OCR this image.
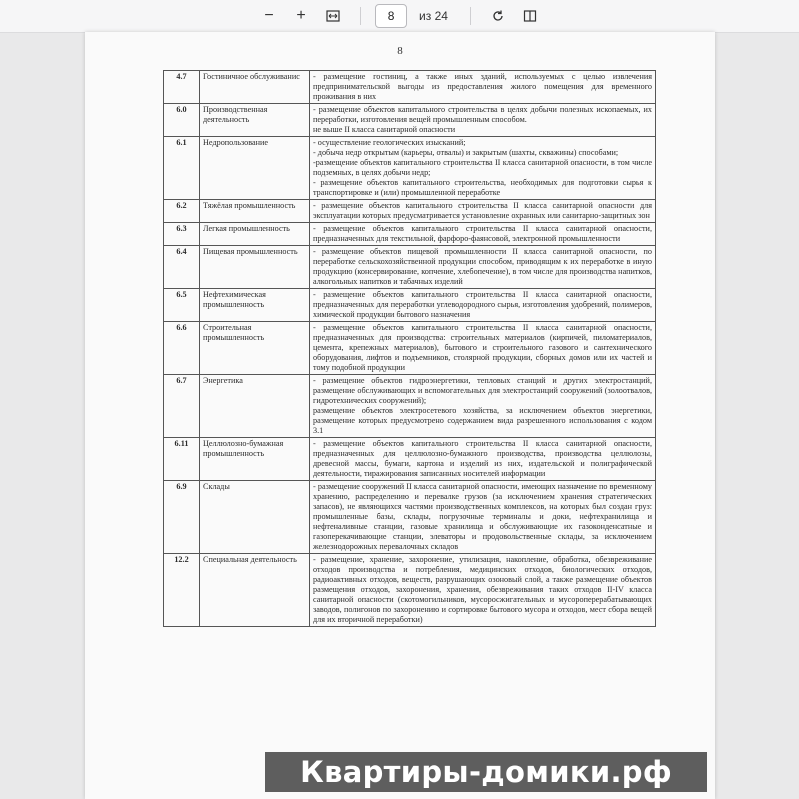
−	+
8	из 24
8
4.7	Гостиничное обслуживанис	- размещение гостиниц, а также иных зданий, используемых с целью извлечения предпринимательской выгоды из предоставления жилого помещения для временного проживания в них

6.0	Производственная деятельность	- размещение объектов капитального строительства в целях добычи полезных ископаемых, их переработки, изготовления вещей промышленным способом.
не выше II класса санитарной опасности

6.1	Недропользование	- осуществление геологических изысканий;
- добыча недр открытым (карьеры, отвалы) и закрытым (шахты, скважины) способами;
-размещение объектов капитального строительства II класса санитарной опасности, в том числе подземных, в целях добычи недр;
- размещение объектов капитального строительства, необходимых для подготовки сырья к транспортировке и (или) промышленной переработке

6.2	Тяжёлая промышленность	- размещение объектов капитального строительства II класса санитарной опасности для эксплуатации которых предусматривается установление охранных или санитарно-защитных зон

6.3	Легкая промышленность	- размещение объектов капитального строительства II класса санитарной опасности, предназначенных для текстильной, фарфоро-фаянсовой, электронной промышленности

6.4	Пищевая промышленность	- размещение объектов пищевой промышленности II класса санитарной опасности, по переработке сельскохозяйственной продукции способом, приводящим к их переработке в иную продукцию (консервирование, копчение, хлебопечение), в том числе для производства напитков, алкогольных напитков и табачных изделий

6.5	Нефтехимическая промышленность	- размещение объектов капитального строительства II класса санитарной опасности, предназначенных для переработки углеводородного сырья, изготовления удобрений, полимеров, химической продукции бытового назначения

6.6	Строительная промышленность	- размещение объектов капитального строительства II класса санитарной опасности, предназначенных для производства: строительных материалов (кирпичей, пиломатериалов, цемента, крепежных материалов), бытового и строительного газового и сантехнического оборудования, лифтов и подъемников, столярной продукции, сборных домов или их частей и тому подобной продукции

6.7	Энергетика	- размещение объектов гидроэнергетики, тепловых станций и других электростанций, размещение обслуживающих и вспомогательных для электростанций сооружений (золоотвалов, гидротехнических сооружений);
размещение объектов электросетевого хозяйства, за исключением объектов энергетики, размещение которых предусмотрено содержанием вида разрешенного использования с кодом 3.1

6.11	Целлюлозно-бумажная промышленность	- размещение объектов капитального строительства II класса санитарной опасности, предназначенных для целлюлозно-бумажного производства, производства целлюлозы, древесной массы, бумаги, картона и изделий из них, издательской и полиграфической деятельности, тиражирования записанных носителей информации

6.9	Склады	- размещение сооружений II класса санитарной опасности, имеющих назначение по временному хранению, распределению и перевалке грузов (за исключением хранения стратегических запасов), не являющихся частями производственных комплексов, на которых был создан груз: промышленные базы, склады, погрузочные терминалы и доки, нефтехранилища и нефтеналивные станции, газовые хранилища и обслуживающие их газоконденсатные и газоперекачивающие станции, элеваторы и продовольственные склады, за исключением железнодорожных перевалочных складов

12.2	Специальная деятельность	- размещение, хранение, захоронение, утилизация, накопление, обработка, обезвреживание отходов производства и потребления, медицинских отходов, биологических отходов, радиоактивных отходов, веществ, разрушающих озоновый слой, а также размещение объектов размещения отходов, захоронения, хранения, обезвреживания таких отходов II-IV класса санитарной опасности (скотомогильников, мусоросжигательных и мусороперерабатывающих заводов, полигонов по захоронению и сортировке бытового мусора и отходов, мест сбора вещей для их вторичной переработки)
Квартиры-домики.рф
